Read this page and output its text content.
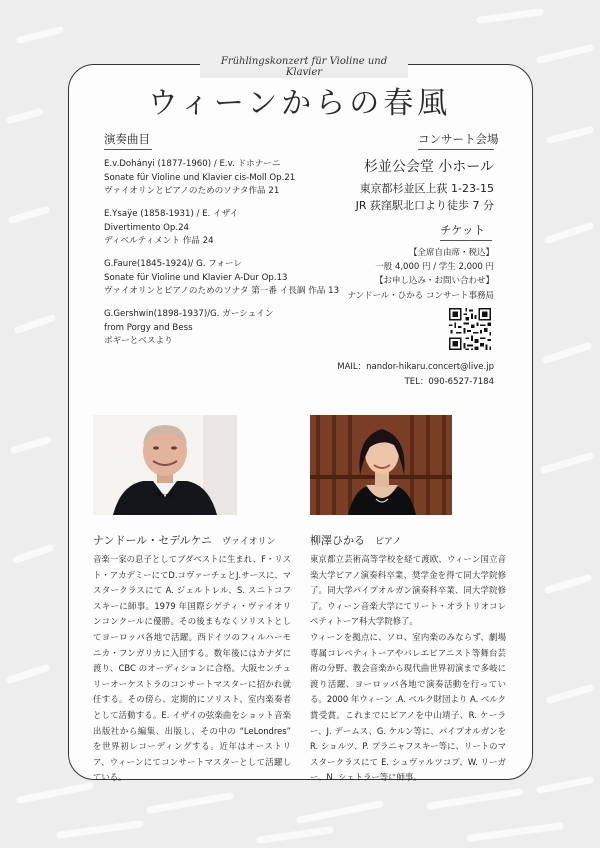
Frühlingskonzert für Violine und Klavier
ウィーンからの春風
演奏曲目
E.v.Dohányi (1877-1960) / E.v. ドホナーニ
Sonate für Violine und Klavier cis-Moll Op.21
ヴァイオリンとピアノのためのソナタ作品 21
E.Ysaÿe (1858-1931) / E. イザイ
Divertimento Op.24
ディベルティメント 作品 24
G.Faure(1845-1924)/ G. フォーレ
Sonate für Violine und Klavier A-Dur Op.13
ヴァイオリンとピアノのためのソナタ 第一番 イ長調 作品 13
G.Gershwin(1898-1937)/G. ガーシュイン
from Porgy and Bess
ポギーとベスより
コンサート会場
杉並公会堂 小ホール
東京都杉並区上荻 1-23-15
JR 荻窪駅北口より徒歩 7 分
チケット
【全席自由席・税込】
一般 4,000 円 / 学生 2,000 円
【お申し込み・お問い合わせ】
ナンドール・ひかる コンサート事務局
MAIL：nandor-hikaru.concert@live.jp
TEL：090-6527-7184
ナンドール・セデルケニ ヴァイオリン

音楽一家の息子としてブダペストに生まれ、F・リスト・アカデミーにてD.コヴァーチェとJ.サースに、マスタークラスにて A. ジェルトレル、S. スニトコフスキーに師事。1979 年国際シゲティ・ヴァイオリンコンクールに優勝。その後まもなくソリストとしてヨーロッパ各地で活躍。西ドイツのフィルハーモニカ・フンガリカに入団する。数年後にはカナダに渡り、CBC のオーディションに合格。大阪センチュリーオーケストラのコンサートマスターに招かれ就任する。その傍ら、定期的にソリスト、室内楽奏者として活動する。E. イザイの弦楽曲をショット音楽出版社から編集、出版し、その中の “LeLondres” を世界初レコーディングする。近年はオーストリア、ウィーンにてコンサートマスターとして活躍している。

柳澤ひかる ピアノ

東京都立芸術高等学校を経て渡欧、ウィーン国立音楽大学ピアノ演奏科卒業、奨学金を得て同大学院修了。同大学パイプオルガン演奏科卒業、同大学院修了。ウィーン音楽大学にてリート・オラトリオコレペティトーア科大学院修了。

ウィーンを拠点に、ソロ、室内楽のみならず、劇場専属コレペティトーアやバレエピアニスト等舞台芸術の分野、教会音楽から現代曲世界初演まで多岐に渡り活躍、ヨーロッパ各地で演奏活動を行っている。2000 年ウィーン .A. ベルク財団より A. ベルク賞受賞。これまでにピアノを中山靖子、R. ケーラー、J. デームス、G. ケルン等に、パイプオルガンを R. ショルツ、P. プラニャフスキー等に、リートのマスタークラスにて E. シュヴァルツコプ、W. リーガー、N. シェトラー等に師事。
